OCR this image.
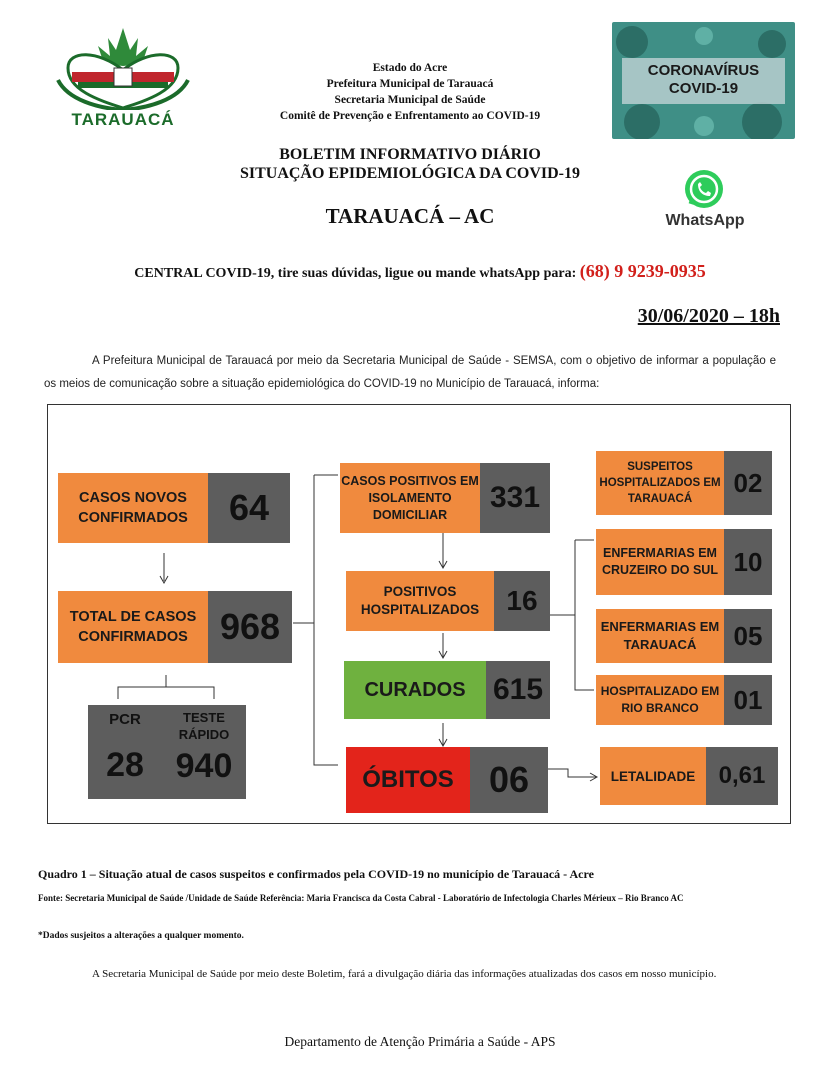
TARAUACÁ
Estado do Acre
Prefeitura Municipal de Tarauacá
Secretaria Municipal de Saúde
Comitê de Prevenção e Enfrentamento ao COVID-19
CORONAVÍRUS
COVID-19
BOLETIM INFORMATIVO DIÁRIO
SITUAÇÃO EPIDEMIOLÓGICA DA COVID-19
TARAUACÁ – AC	WhatsApp
CENTRAL COVID-19, tire suas dúvidas, ligue ou mande whatsApp para: (68) 9 9239-0935
30/06/2020 – 18h
A Prefeitura Municipal de Tarauacá por meio da Secretaria Municipal de Saúde - SEMSA, com o objetivo de informar a população e os meios de comunicação sobre a situação epidemiológica do COVID-19 no Município de Tarauacá, informa:
CASOS NOVOS CONFIRMADOS	64
TOTAL DE CASOS CONFIRMADOS 968
PCR
28
TESTE RÁPIDO
940
CASOS POSITIVOS EM ISOLAMENTO DOMICILIAR
331
POSITIVOS HOSPITALIZADOS 16
CURADOS 615
ÓBITOS 06
SUSPEITOS HOSPITALIZADOS EM TARAUACÁ
02
ENFERMARIAS EM CRUZEIRO DO SUL 10
ENFERMARIAS EM TARAUACÁ	05
HOSPITALIZADO EM RIO BRANCO	01
LETALIDADE 0,61
Quadro 1 – Situação atual de casos suspeitos e confirmados pela COVID-19 no município de Tarauacá - Acre
Fonte: Secretaria Municipal de Saúde /Unidade de Saúde Referência: Maria Francisca da Costa Cabral - Laboratório de Infectologia Charles Mérieux – Rio Branco AC
*Dados susjeitos a alterações a qualquer momento.
A Secretaria Municipal de Saúde por meio deste Boletim, fará a divulgação diária das informações atualizadas dos casos em nosso município.
Departamento de Atenção Primária a Saúde - APS
